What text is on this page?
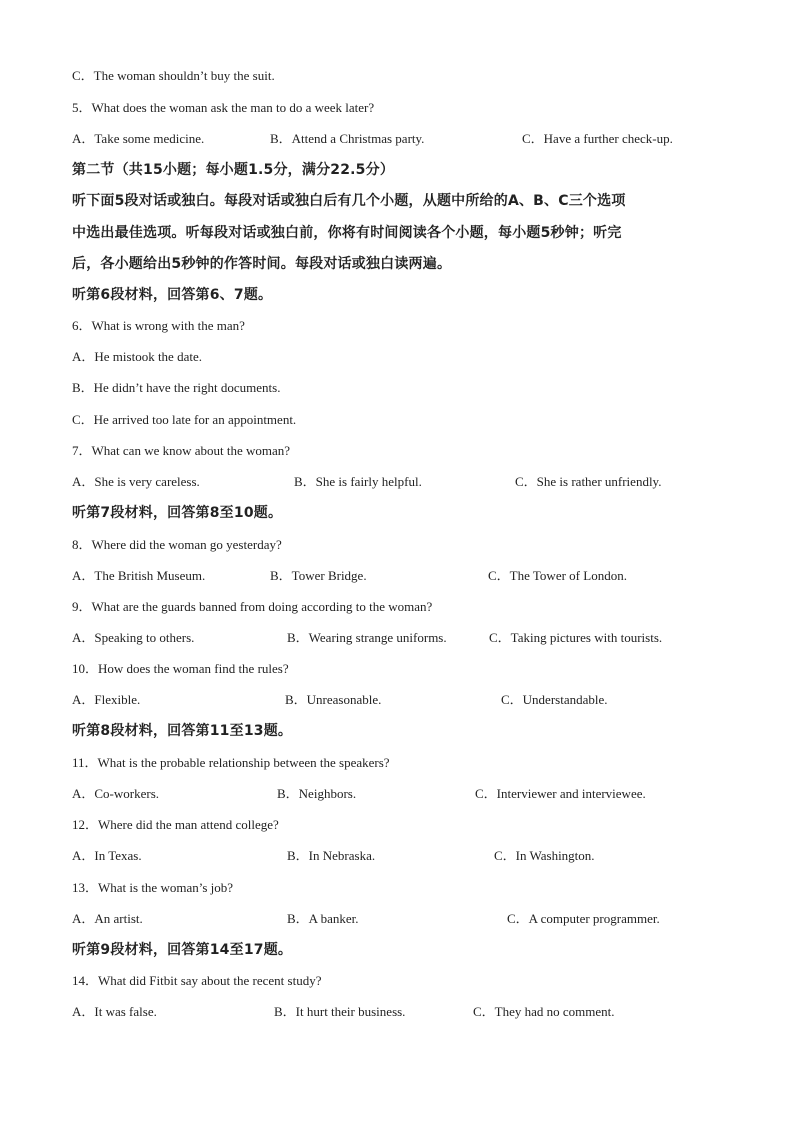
C．The woman shouldn’t buy the suit.
5．What does the woman ask the man to do a week later?
A．Take some medicine.	B．Attend a Christmas party.	C．Have a further check-up.
第二节（共15小题；每小题1.5分，满分22.5分）
听下面5段对话或独白。每段对话或独白后有几个小题，从题中所给的A、B、C三个选项
中选出最佳选项。听每段对话或独白前，你将有时间阅读各个小题，每小题5秒钟；听完
后，各小题给出5秒钟的作答时间。每段对话或独白读两遍。
听第6段材料，回答第6、7题。
6．What is wrong with the man?
A．He mistook the date.
B．He didn’t have the right documents.
C．He arrived too late for an appointment.
7．What can we know about the woman?
A．She is very careless.	B．She is fairly helpful.	C．She is rather unfriendly.
听第7段材料，回答第8至10题。
8．Where did the woman go yesterday?
A．The British Museum.	B．Tower Bridge.	C．The Tower of London.
9．What are the guards banned from doing according to the woman?
A．Speaking to others.	B．Wearing strange uniforms.	C．Taking pictures with tourists.
10．How does the woman find the rules?
A．Flexible.	B．Unreasonable.	C．Understandable.
听第8段材料，回答第11至13题。
11．What is the probable relationship between the speakers?
A．Co-workers.	B．Neighbors.	C．Interviewer and interviewee.
12．Where did the man attend college?
A．In Texas.	B．In Nebraska.	C．In Washington.
13．What is the woman’s job?
A．An artist.	B．A banker.	C．A computer programmer.
听第9段材料，回答第14至17题。
14．What did Fitbit say about the recent study?
A．It was false.	B．It hurt their business.	C．They had no comment.
